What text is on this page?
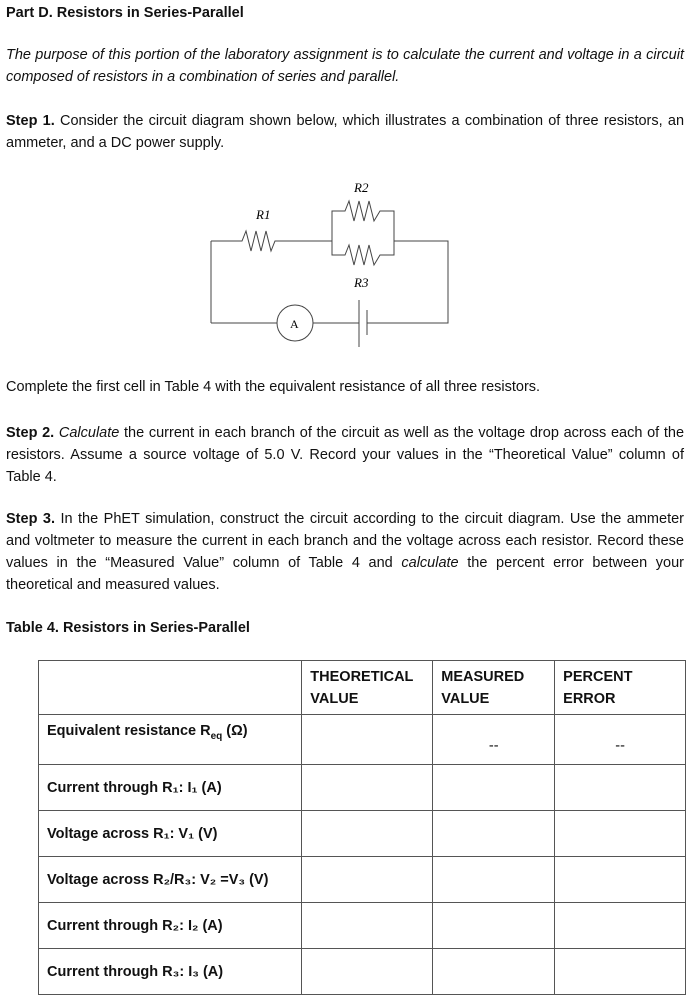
Part D. Resistors in Series-Parallel
The purpose of this portion of the laboratory assignment is to calculate the current and voltage in a circuit composed of resistors in a combination of series and parallel.
Step 1. Consider the circuit diagram shown below, which illustrates a combination of three resistors, an ammeter, and a DC power supply.
R1
R2
R3
A
Complete the first cell in Table 4 with the equivalent resistance of all three resistors.
Step 2. Calculate the current in each branch of the circuit as well as the voltage drop across each of the resistors. Assume a source voltage of 5.0 V. Record your values in the “Theoretical Value” column of Table 4.
Step 3. In the PhET simulation, construct the circuit according to the circuit diagram. Use the ammeter and voltmeter to measure the current in each branch and the voltage across each resistor. Record these values in the “Measured Value” column of Table 4 and calculate the percent error between your theoretical and measured values.
Table 4. Resistors in Series-Parallel
	THEORETICAL VALUE	MEASURED VALUE	PERCENT ERROR
Equivalent resistance $R_{eq}$ (Ω)		--	--
Current through R₁: I₁ (A)			
Voltage across R₁: V₁ (V)			
Voltage across R₂/R₃: V₂ =V₃ (V)			
Current through R₂: I₂ (A)			
Current through R₃: I₃ (A)			
